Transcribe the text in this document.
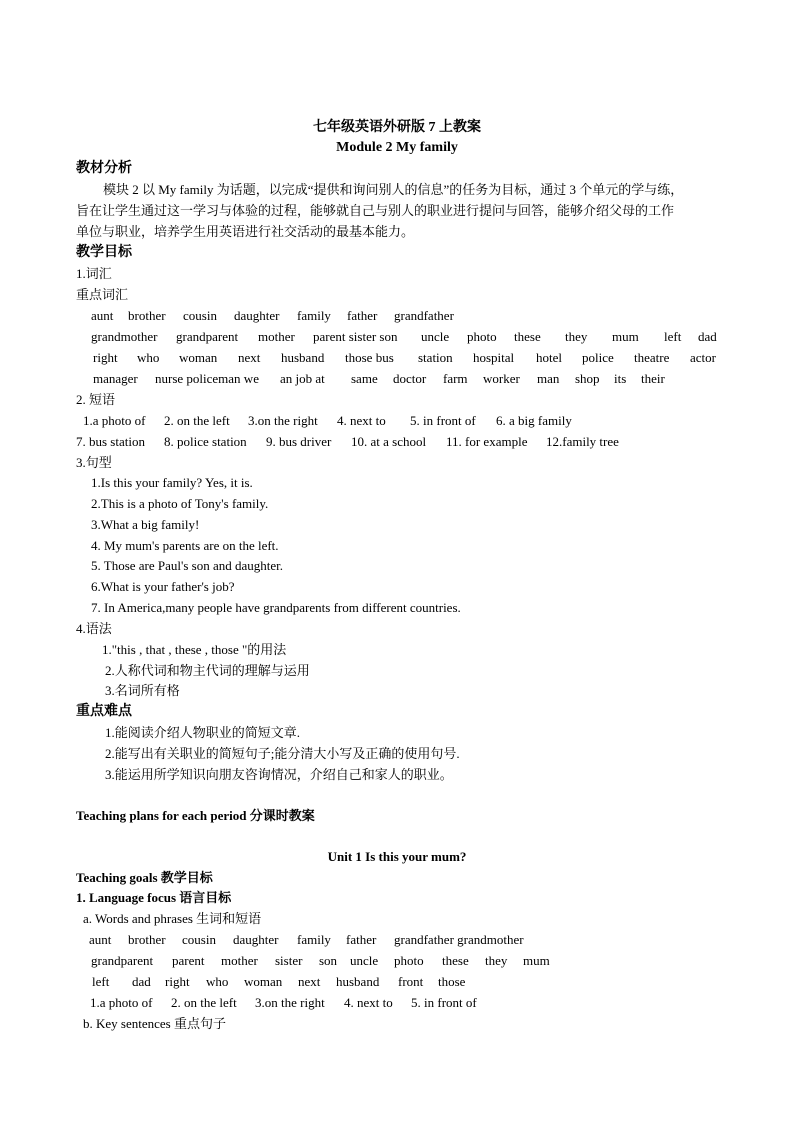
七年级英语外研版 7 上教案
Module 2 My family
教材分析
模块 2 以 My family 为话题，以完成“提供和询问别人的信息”的任务为目标，通过 3 个单元的学与练，
旨在让学生通过这一学习与体验的过程，能够就自己与别人的职业进行提问与回答，能够介绍父母的工作
单位与职业，培养学生用英语进行社交活动的最基本能力。
教学目标
1.词汇
重点词汇
aunt brother cousin daughter family father grandfather
grandmother grandparent mother parent sister son uncle photo these they mum left dad
right who woman next husband those bus station hospital hotel police theatre actor
manager nurse policeman we an job at same doctor farm worker man shop its their
2. 短语
1.a photo of 2. on the left 3.on the right 4. next to 5. in front of 6. a big family
7. bus station 8. police station 9. bus driver 10. at a school 11. for example 12.family tree
3.句型
1.Is this your family? Yes, it is.
2.This is a photo of Tony's family.
3.What a big family!
4. My mum's parents are on the left.
5. Those are Paul's son and daughter.
6.What is your father's job?
7. In America,many people have grandparents from different countries.
4.语法
1."this , that , these , those "的用法
2.人称代词和物主代词的理解与运用
3.名词所有格
重点难点
1.能阅读介绍人物职业的简短文章.
2.能写出有关职业的简短句子;能分清大小写及正确的使用句号.
3.能运用所学知识向朋友咨询情况，介绍自己和家人的职业。
Teaching plans for each period 分课时教案
Unit 1 Is this your mum?
Teaching goals 教学目标
1. Language focus 语言目标
a. Words and phrases 生词和短语
aunt brother cousin daughter family father grandfather grandmother
grandparent parent mother sister son uncle photo these they mum
left dad right who woman next husband front those
1.a photo of 2. on the left 3.on the right 4. next to 5. in front of
b. Key sentences 重点句子
